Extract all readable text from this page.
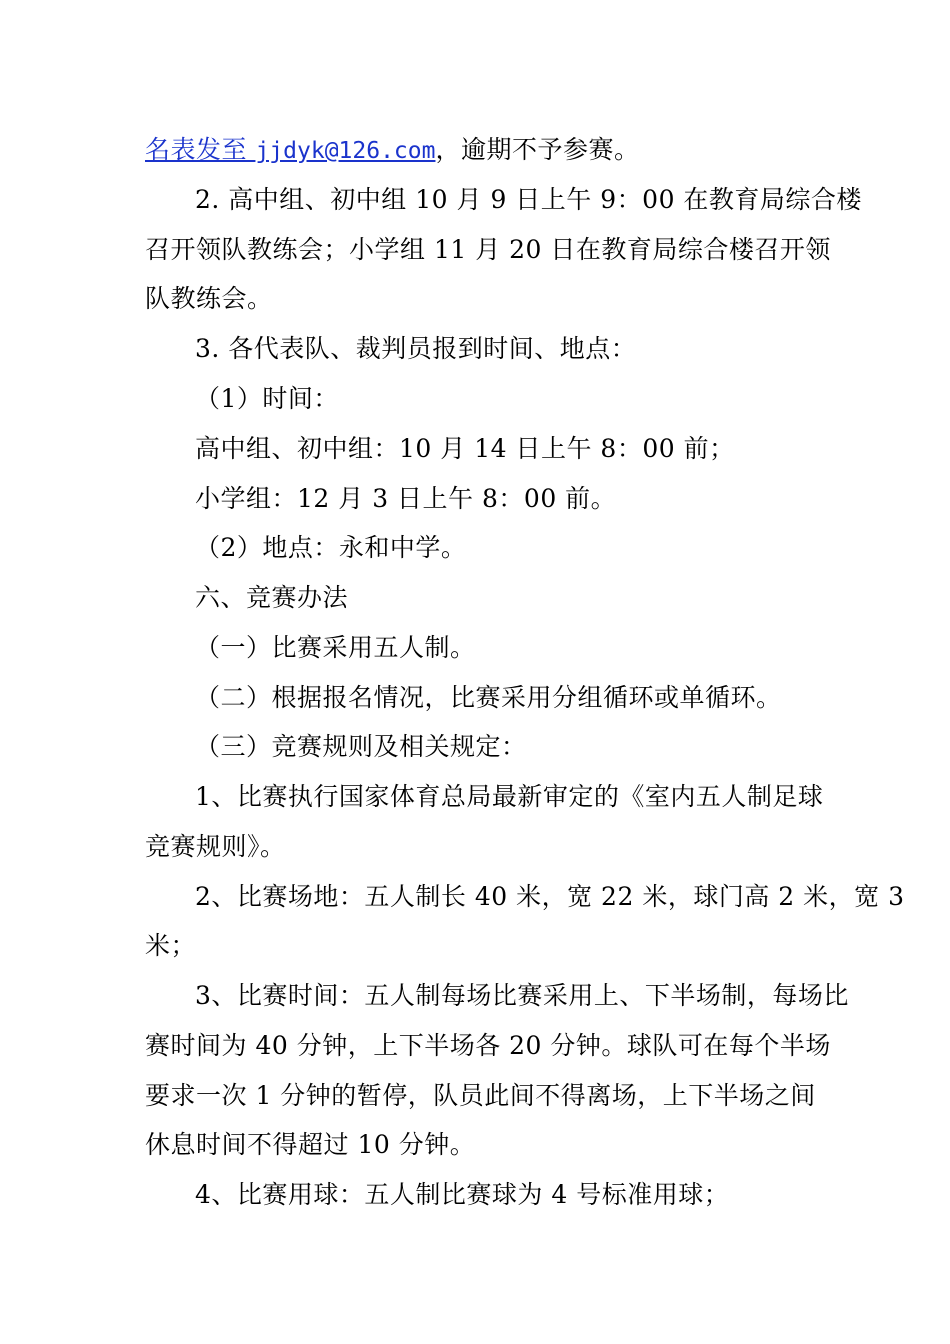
名表发至 jjdyk@126.com，逾期不予参赛。
2. 高中组、初中组 10 月 9 日上午 9：00 在教育局综合楼
召开领队教练会；小学组 11 月 20 日在教育局综合楼召开领
队教练会。
3. 各代表队、裁判员报到时间、地点：
（1）时间：
高中组、初中组：10 月 14 日上午 8：00 前；
小学组：12 月 3 日上午 8：00 前。
（2）地点：永和中学。
六、竞赛办法
（一）比赛采用五人制。
（二）根据报名情况，比赛采用分组循环或单循环。
（三）竞赛规则及相关规定：
1、比赛执行国家体育总局最新审定的《室内五人制足球
竞赛规则》。
2、比赛场地：五人制长 40 米，宽 22 米，球门高 2 米，宽 3
米；
3、比赛时间：五人制每场比赛采用上、下半场制，每场比
赛时间为 40 分钟，上下半场各 20 分钟。球队可在每个半场
要求一次 1 分钟的暂停，队员此间不得离场，上下半场之间
休息时间不得超过 10 分钟。
4、比赛用球：五人制比赛球为 4 号标准用球；
